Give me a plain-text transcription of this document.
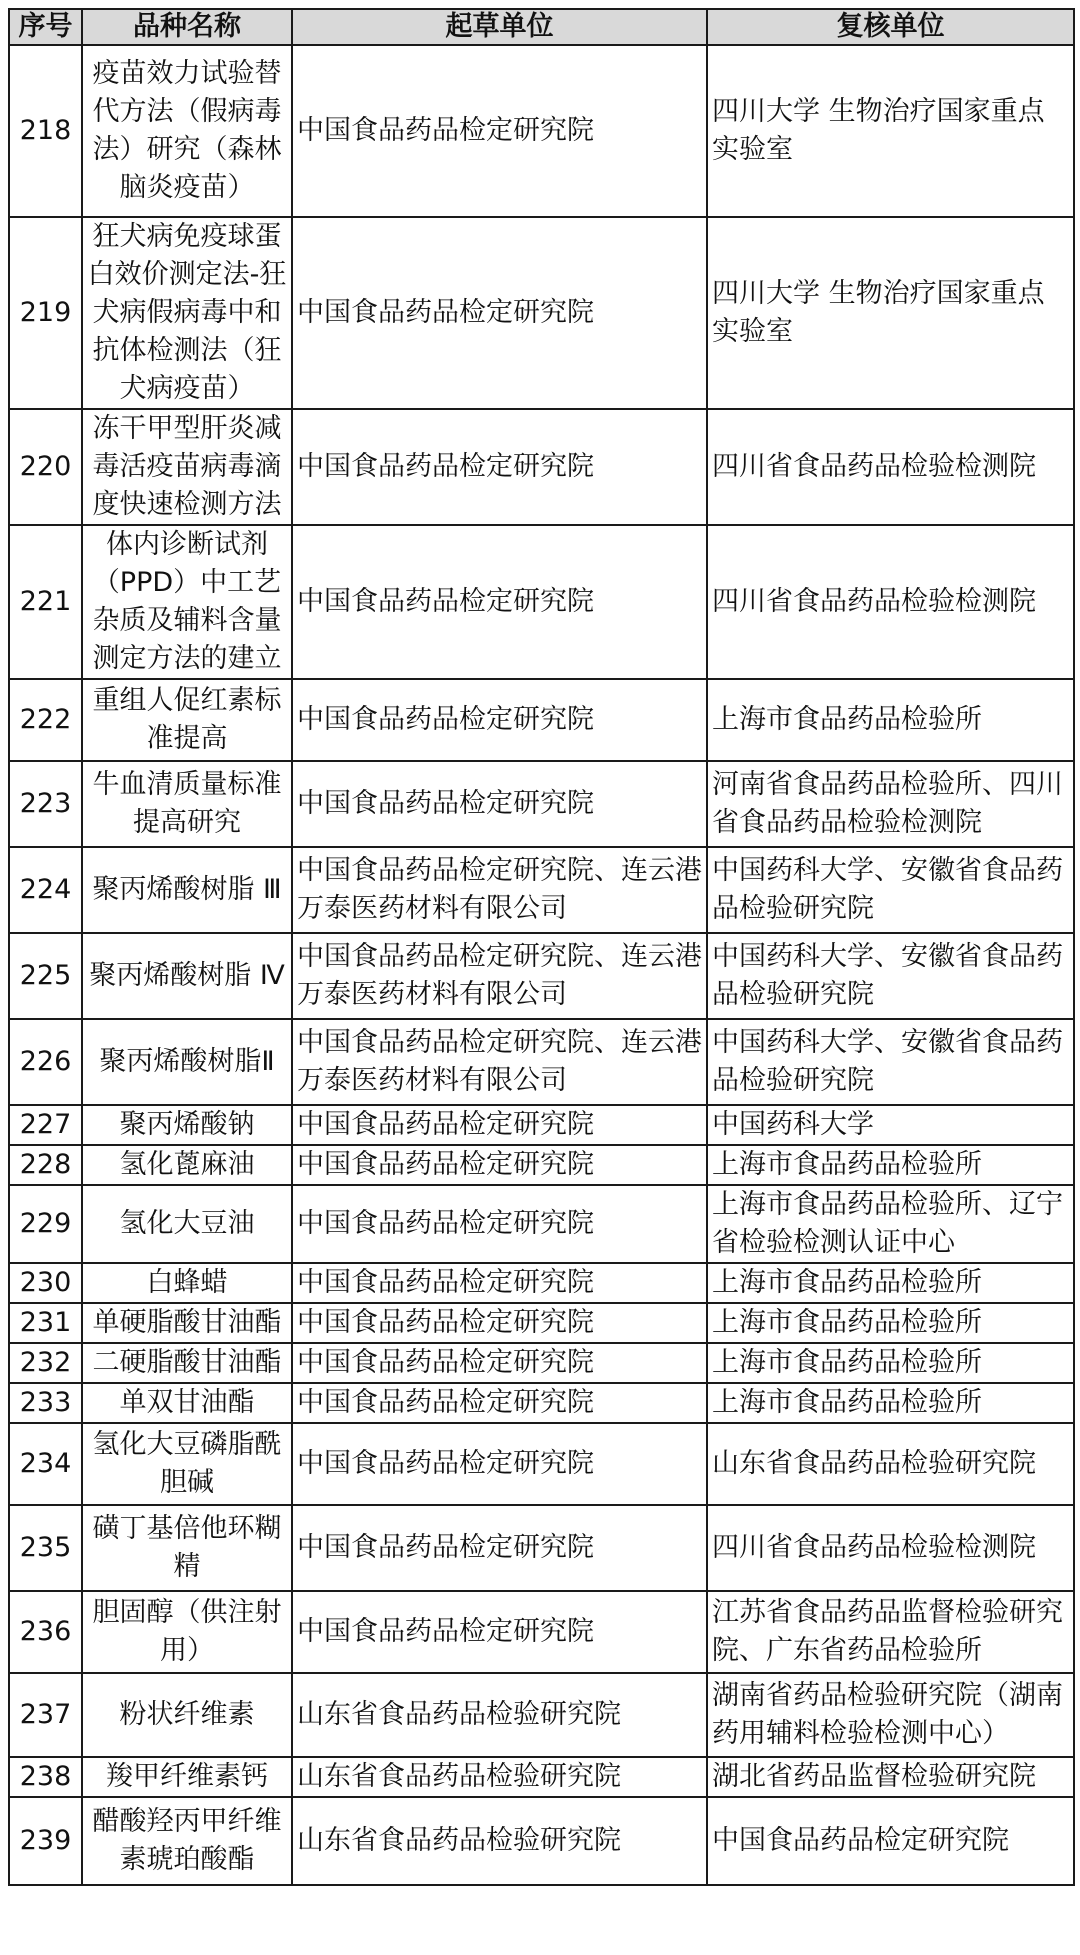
序号	品种名称	起草单位	复核单位
218	疫苗效力试验替代方法（假病毒法）研究（森林脑炎疫苗）	中国食品药品检定研究院	四川大学 生物治疗国家重点实验室
219	狂犬病免疫球蛋白效价测定法-狂犬病假病毒中和抗体检测法（狂犬病疫苗）	中国食品药品检定研究院	四川大学 生物治疗国家重点实验室
220	冻干甲型肝炎减毒活疫苗病毒滴度快速检测方法	中国食品药品检定研究院	四川省食品药品检验检测院
221	体内诊断试剂（PPD）中工艺杂质及辅料含量测定方法的建立	中国食品药品检定研究院	四川省食品药品检验检测院
222	重组人促红素标准提高	中国食品药品检定研究院	上海市食品药品检验所
223	牛血清质量标准提高研究	中国食品药品检定研究院	河南省食品药品检验所、四川省食品药品检验检测院
224	聚丙烯酸树脂 Ⅲ	中国食品药品检定研究院、连云港万泰医药材料有限公司	中国药科大学、安徽省食品药品检验研究院
225	聚丙烯酸树脂 Ⅳ	中国食品药品检定研究院、连云港万泰医药材料有限公司	中国药科大学、安徽省食品药品检验研究院
226	聚丙烯酸树脂Ⅱ	中国食品药品检定研究院、连云港万泰医药材料有限公司	中国药科大学、安徽省食品药品检验研究院
227	聚丙烯酸钠	中国食品药品检定研究院	中国药科大学
228	氢化蓖麻油	中国食品药品检定研究院	上海市食品药品检验所
229	氢化大豆油	中国食品药品检定研究院	上海市食品药品检验所、辽宁省检验检测认证中心
230	白蜂蜡	中国食品药品检定研究院	上海市食品药品检验所
231	单硬脂酸甘油酯	中国食品药品检定研究院	上海市食品药品检验所
232	二硬脂酸甘油酯	中国食品药品检定研究院	上海市食品药品检验所
233	单双甘油酯	中国食品药品检定研究院	上海市食品药品检验所
234	氢化大豆磷脂酰胆碱	中国食品药品检定研究院	山东省食品药品检验研究院
235	磺丁基倍他环糊精	中国食品药品检定研究院	四川省食品药品检验检测院
236	胆固醇（供注射用）	中国食品药品检定研究院	江苏省食品药品监督检验研究院、广东省药品检验所
237	粉状纤维素	山东省食品药品检验研究院	湖南省药品检验研究院（湖南药用辅料检验检测中心）
238	羧甲纤维素钙	山东省食品药品检验研究院	湖北省药品监督检验研究院
239	醋酸羟丙甲纤维素琥珀酸酯	山东省食品药品检验研究院	中国食品药品检定研究院
